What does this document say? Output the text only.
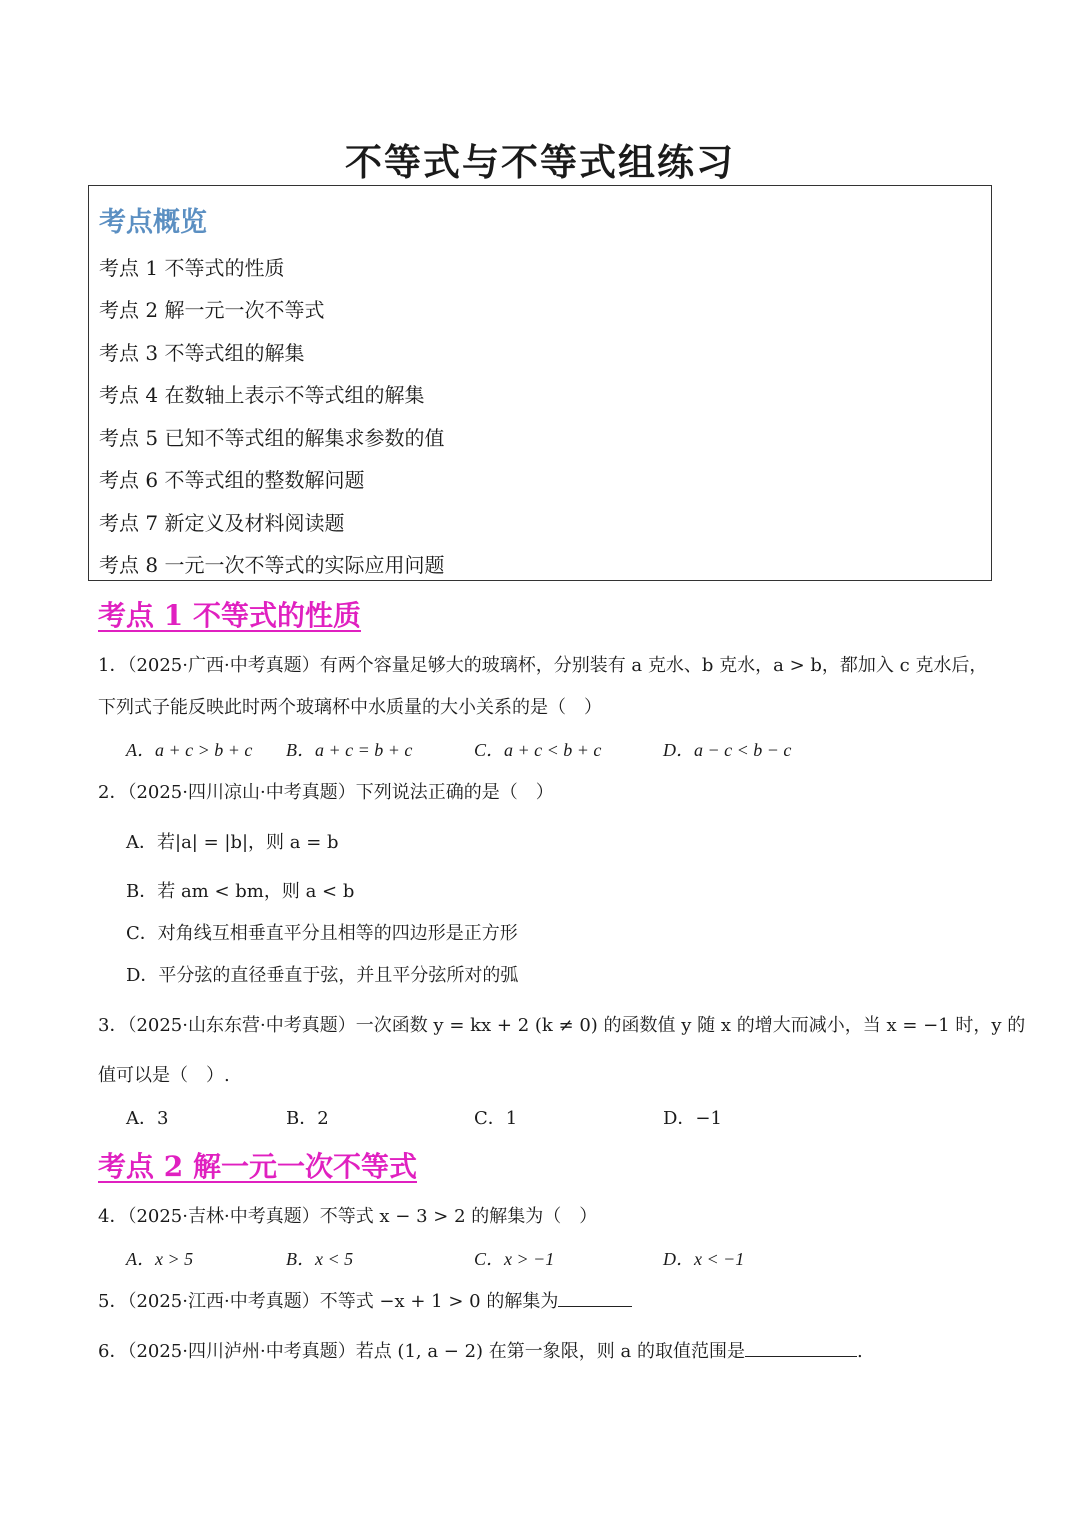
不等式与不等式组练习
考点概览
考点 1 不等式的性质
考点 2 解一元一次不等式
考点 3 不等式组的解集
考点 4 在数轴上表示不等式组的解集
考点 5 已知不等式组的解集求参数的值
考点 6 不等式组的整数解问题
考点 7 新定义及材料阅读题
考点 8 一元一次不等式的实际应用问题
考点 1 不等式的性质
1．（2025·广西·中考真题）有两个容量足够大的玻璃杯，分别装有 a 克水、b 克水，a > b，都加入 c 克水后，
下列式子能反映此时两个玻璃杯中水质量的大小关系的是（　）
A．a + c > b + c B．a + c = b + c	C．a + c < b + c	D．a − c < b − c
2．（2025·四川凉山·中考真题）下列说法正确的是（　）
A．若|a| = |b|，则 a = b
B．若 am < bm，则 a < b
C．对角线互相垂直平分且相等的四边形是正方形
D．平分弦的直径垂直于弦，并且平分弦所对的弧
3．（2025·山东东营·中考真题）一次函数 y = kx + 2 (k ≠ 0) 的函数值 y 随 x 的增大而减小，当 x = −1 时，y 的
值可以是（　）.
A．3	B．2	C．1	D．−1
考点 2 解一元一次不等式
4．（2025·吉林·中考真题）不等式 x − 3 > 2 的解集为（　）
A．x > 5	B．x < 5	C．x > −1	D．x < −1
5．（2025·江西·中考真题）不等式 −x + 1 > 0 的解集为
6．（2025·四川泸州·中考真题）若点 (1, a − 2) 在第一象限，则 a 的取值范围是	.
